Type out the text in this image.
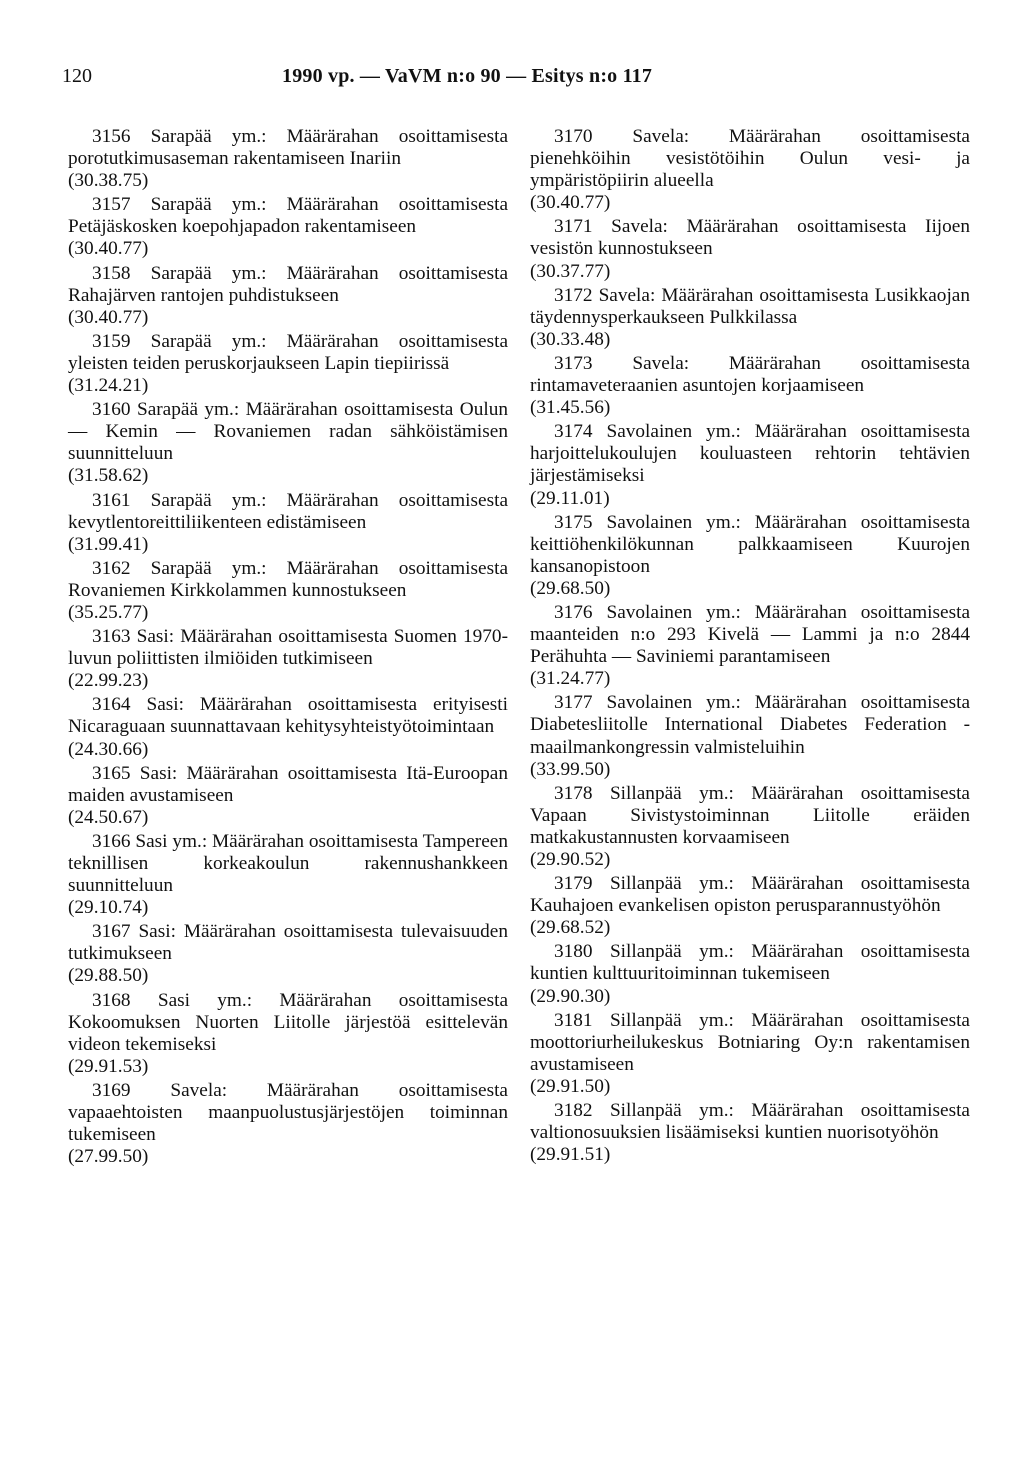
120	1990 vp. — VaVM n:o 90 — Esitys n:o 117

3156 Sarapää ym.: Määrärahan osoittamisesta porotutkimusaseman rakentamiseen Inariin

(30.38.75)

3157 Sarapää ym.: Määrärahan osoittamisesta Petäjäskosken koepohjapadon rakentamiseen

(30.40.77)

3158 Sarapää ym.: Määrärahan osoittamisesta Rahajärven rantojen puhdistukseen

(30.40.77)

3159 Sarapää ym.: Määrärahan osoittamisesta yleisten teiden peruskorjaukseen Lapin tiepiirissä

(31.24.21)

3160 Sarapää ym.: Määrärahan osoittamisesta Oulun — Kemin — Rovaniemen radan sähköistämisen suunnitteluun

(31.58.62)

3161 Sarapää ym.: Määrärahan osoittamisesta kevytlentoreittiliikenteen edistämiseen

(31.99.41)

3162 Sarapää ym.: Määrärahan osoittamisesta Rovaniemen Kirkkolammen kunnostukseen

(35.25.77)

3163 Sasi: Määrärahan osoittamisesta Suomen 1970-luvun poliittisten ilmiöiden tutkimiseen

(22.99.23)

3164 Sasi: Määrärahan osoittamisesta erityisesti Nicaraguaan suunnattavaan kehitysyhteistyötoimintaan

(24.30.66)

3165 Sasi: Määrärahan osoittamisesta Itä-Euroopan maiden avustamiseen

(24.50.67)

3166 Sasi ym.: Määrärahan osoittamisesta Tampereen teknillisen korkeakoulun rakennushankkeen suunnitteluun

(29.10.74)

3167 Sasi: Määrärahan osoittamisesta tulevaisuuden tutkimukseen

(29.88.50)

3168 Sasi ym.: Määrärahan osoittamisesta Kokoomuksen Nuorten Liitolle järjestöä esittelevän videon tekemiseksi

(29.91.53)

3169 Savela: Määrärahan osoittamisesta vapaaehtoisten maanpuolustusjärjestöjen toiminnan tukemiseen

(27.99.50)

3170 Savela: Määrärahan osoittamisesta pienehköihin vesistötöihin Oulun vesi- ja ympäristöpiirin alueella

(30.40.77)

3171 Savela: Määrärahan osoittamisesta Iijoen vesistön kunnostukseen

(30.37.77)

3172 Savela: Määrärahan osoittamisesta Lusikkaojan täydennysperkaukseen Pulkkilassa

(30.33.48)

3173 Savela: Määrärahan osoittamisesta rintamaveteraanien asuntojen korjaamiseen

(31.45.56)

3174 Savolainen ym.: Määrärahan osoittamisesta harjoittelukoulujen kouluasteen rehtorin tehtävien järjestämiseksi

(29.11.01)

3175 Savolainen ym.: Määrärahan osoittamisesta keittiöhenkilökunnan palkkaamiseen Kuurojen kansanopistoon

(29.68.50)

3176 Savolainen ym.: Määrärahan osoittamisesta maanteiden n:o 293 Kivelä — Lammi ja n:o 2844 Perähuhta — Saviniemi parantamiseen

(31.24.77)

3177 Savolainen ym.: Määrärahan osoittamisesta Diabetesliitolle International Diabetes Federation -maailmankongressin valmisteluihin

(33.99.50)

3178 Sillanpää ym.: Määrärahan osoittamisesta Vapaan Sivistystoiminnan Liitolle eräiden matkakustannusten korvaamiseen

(29.90.52)

3179 Sillanpää ym.: Määrärahan osoittamisesta Kauhajoen evankelisen opiston perusparannustyöhön

(29.68.52)

3180 Sillanpää ym.: Määrärahan osoittamisesta kuntien kulttuuritoiminnan tukemiseen

(29.90.30)

3181 Sillanpää ym.: Määrärahan osoittamisesta moottoriurheilukeskus Botniaring Oy:n rakentamisen avustamiseen

(29.91.50)

3182 Sillanpää ym.: Määrärahan osoittamisesta valtionosuuksien lisäämiseksi kuntien nuorisotyöhön

(29.91.51)
